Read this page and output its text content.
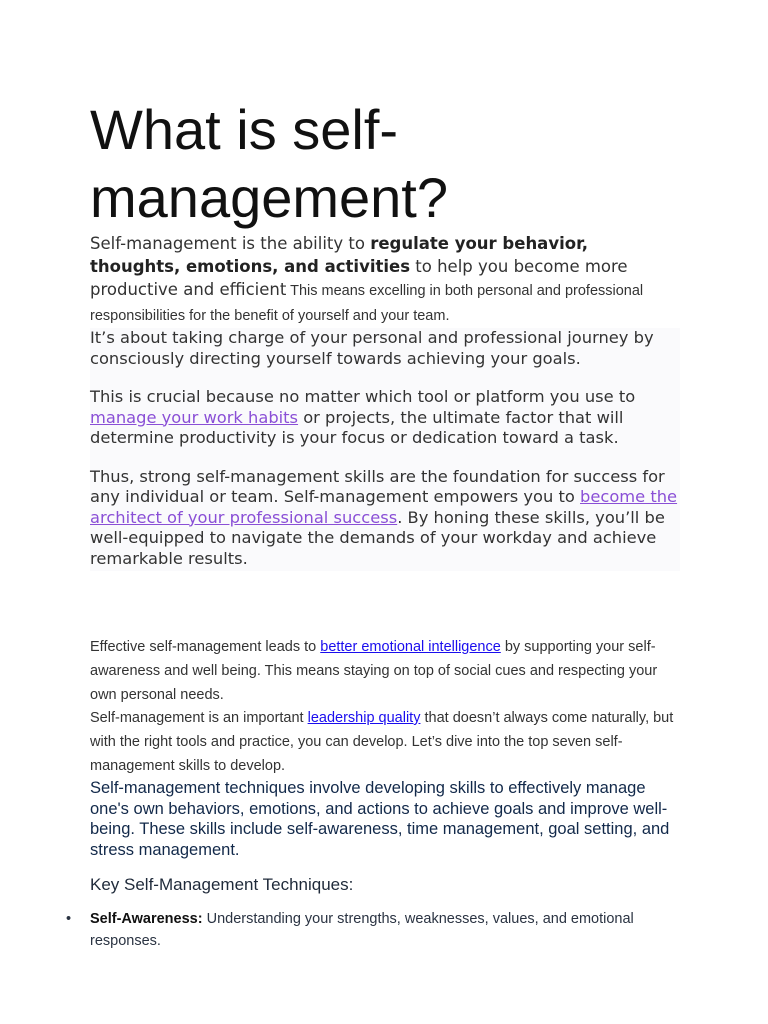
What is self-management?

Self-management is the ability to regulate your behavior, thoughts, emotions, and activities to help you become more productive and efficient This means excelling in both personal and professional responsibilities for the benefit of yourself and your team.

It’s about taking charge of your personal and professional journey by consciously directing yourself towards achieving your goals.

This is crucial because no matter which tool or platform you use to manage your work habits or projects, the ultimate factor that will determine productivity is your focus or dedication toward a task.

Thus, strong self-management skills are the foundation for success for any individual or team. Self-management empowers you to become the architect of your professional success. By honing these skills, you’ll be well-equipped to navigate the demands of your workday and achieve remarkable results.

Effective self-management leads to better emotional intelligence by supporting your self-awareness and well being. This means staying on top of social cues and respecting your own personal needs.

Self-management is an important leadership quality that doesn’t always come naturally, but with the right tools and practice, you can develop. Let’s dive into the top seven self-management skills to develop.

Self-management techniques involve developing skills to effectively manage one's own behaviors, emotions, and actions to achieve goals and improve well-being. These skills include self-awareness, time management, goal setting, and stress management.

Key Self-Management Techniques:

• Self-Awareness: Understanding your strengths, weaknesses, values, and emotional responses.
